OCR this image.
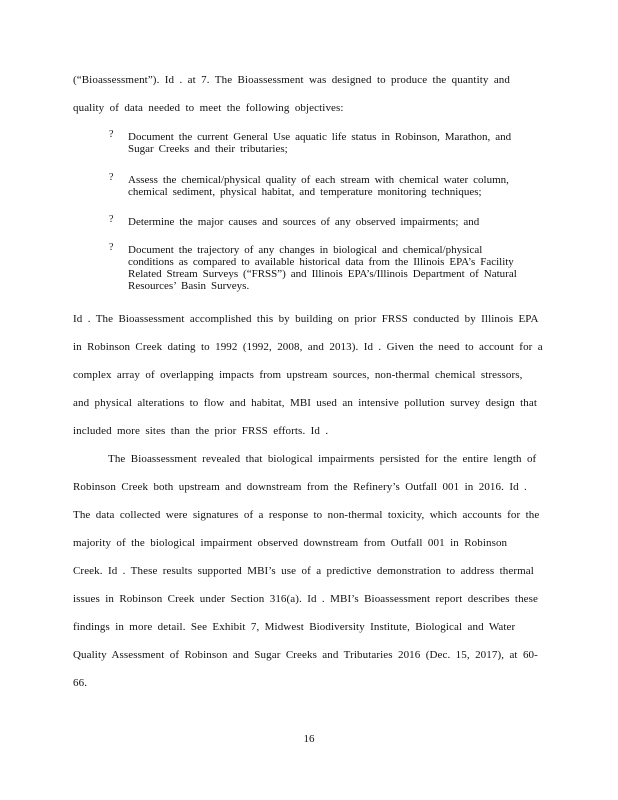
(“Bioassessment”). Id . at 7. The Bioassessment was designed to produce the quantity and
quality of data needed to meet the following objectives:
? Document the current General Use aquatic life status in Robinson, Marathon, and
Sugar Creeks and their tributaries;
? Assess the chemical/physical quality of each stream with chemical water column,
chemical sediment, physical habitat, and temperature monitoring techniques;
? Determine the major causes and sources of any observed impairments; and
? Document the trajectory of any changes in biological and chemical/physical
conditions as compared to available historical data from the Illinois EPA’s Facility
Related Stream Surveys (“FRSS”) and Illinois EPA’s/Illinois Department of Natural
Resources’ Basin Surveys.
Id . The Bioassessment accomplished this by building on prior FRSS conducted by Illinois EPA
in Robinson Creek dating to 1992 (1992, 2008, and 2013). Id . Given the need to account for a
complex array of overlapping impacts from upstream sources, non-thermal chemical stressors,
and physical alterations to flow and habitat, MBI used an intensive pollution survey design that
included more sites than the prior FRSS efforts. Id .
The Bioassessment revealed that biological impairments persisted for the entire length of
Robinson Creek both upstream and downstream from the Refinery’s Outfall 001 in 2016. Id .
The data collected were signatures of a response to non-thermal toxicity, which accounts for the
majority of the biological impairment observed downstream from Outfall 001 in Robinson
Creek. Id . These results supported MBI’s use of a predictive demonstration to address thermal
issues in Robinson Creek under Section 316(a). Id . MBI’s Bioassessment report describes these
findings in more detail. See Exhibit 7, Midwest Biodiversity Institute, Biological and Water
Quality Assessment of Robinson and Sugar Creeks and Tributaries 2016 (Dec. 15, 2017), at 60-
66.
16
